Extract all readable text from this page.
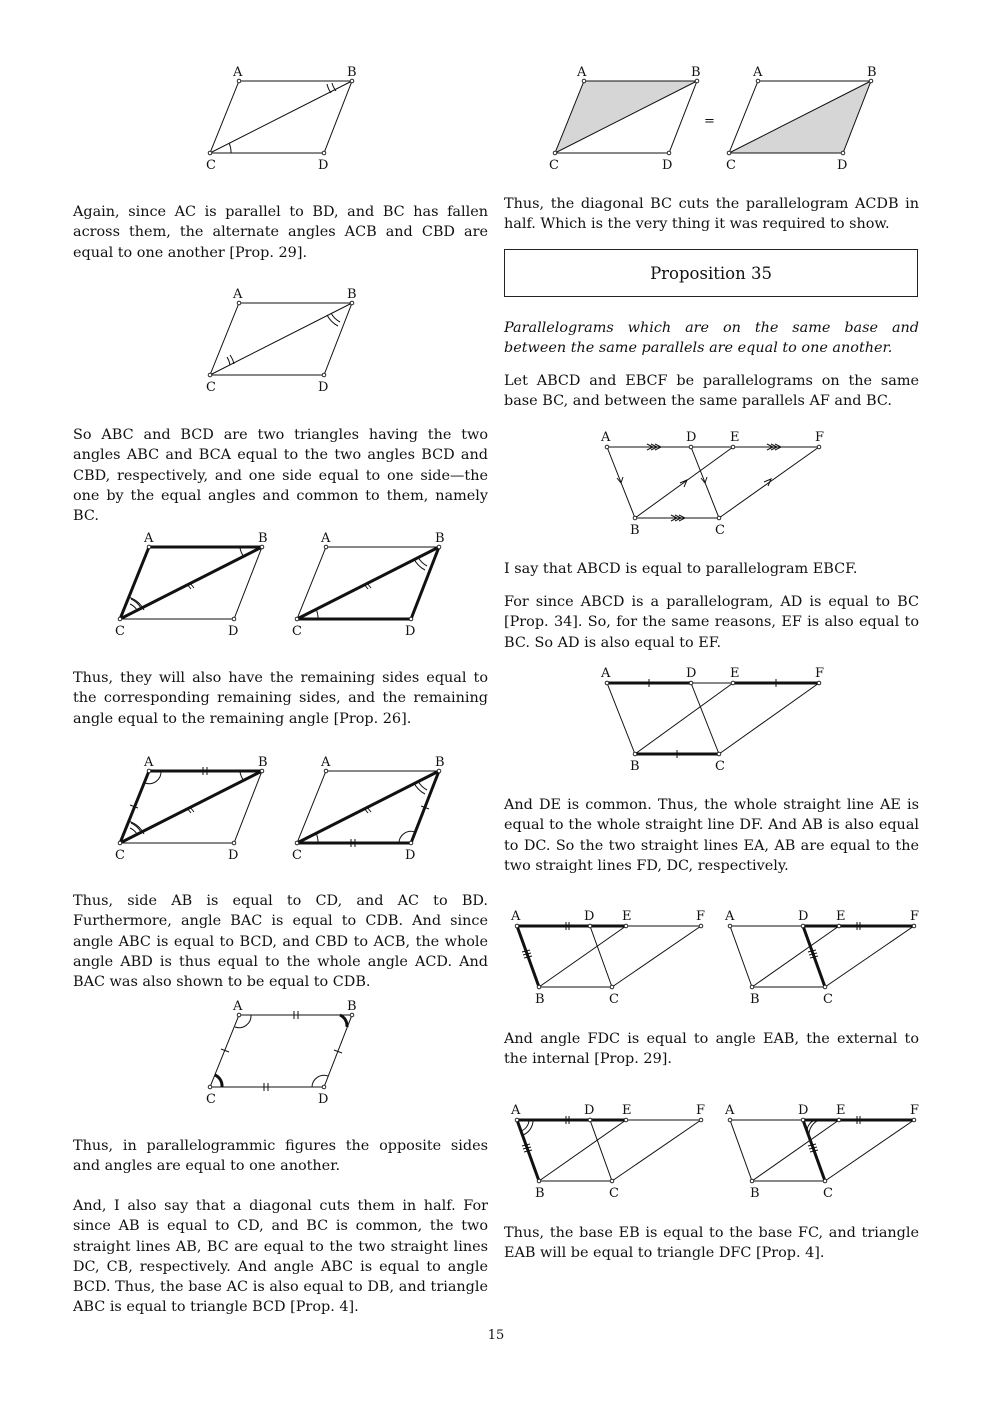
A	B
C	D

Again, since AC is parallel to BD, and BC has fallen across them, the alternate angles ACB and CBD are equal to one another [Prop. 29].

A	B
C	D

So ABC and BCD are two triangles having the two angles ABC and BCA equal to the two angles BCD and CBD, respectively, and one side equal to one side—the one by the equal angles and common to them, namely BC.

A	B
C	D
A	B
C	D

Thus, they will also have the remaining sides equal to the corresponding remaining sides, and the remaining angle equal to the remaining angle [Prop. 26].

A	B
C	D
A	B
C	D

Thus, side AB is equal to CD, and AC to BD. Furthermore, angle BAC is equal to CDB. And since angle ABC is equal to BCD, and CBD to ACB, the whole angle ABD is thus equal to the whole angle ACD. And BAC was also shown to be equal to CDB.

A	B
C	D

Thus, in parallelogrammic figures the opposite sides and angles are equal to one another.

And, I also say that a diagonal cuts them in half. For since AB is equal to CD, and BC is common, the two straight lines AB, BC are equal to the two straight lines DC, CB, respectively. And angle ABC is equal to angle BCD. Thus, the base AC is also equal to DB, and triangle ABC is equal to triangle BCD [Prop. 4].

A	B
C	D
=
A	B
C	D

Thus, the diagonal BC cuts the parallelogram ACDB in half. Which is the very thing it was required to show.

Proposition 35

Parallelograms which are on the same base and between the same parallels are equal to one another.

Let ABCD and EBCF be parallelograms on the same base BC, and between the same parallels AF and BC.

A	D	E	F
B	C

I say that ABCD is equal to parallelogram EBCF.

For since ABCD is a parallelogram, AD is equal to BC [Prop. 34]. So, for the same reasons, EF is also equal to BC. So AD is also equal to EF.

A	D	E	F
B	C

And DE is common. Thus, the whole straight line AE is equal to the whole straight line DF. And AB is also equal to DC. So the two straight lines EA, AB are equal to the two straight lines FD, DC, respectively.

A	D E	F
B	C
A	D E	F
B	C

And angle FDC is equal to angle EAB, the external to the internal [Prop. 29].

A	D E	F
B	C
A	D E	F
B	C

Thus, the base EB is equal to the base FC, and triangle EAB will be equal to triangle DFC [Prop. 4].

15
